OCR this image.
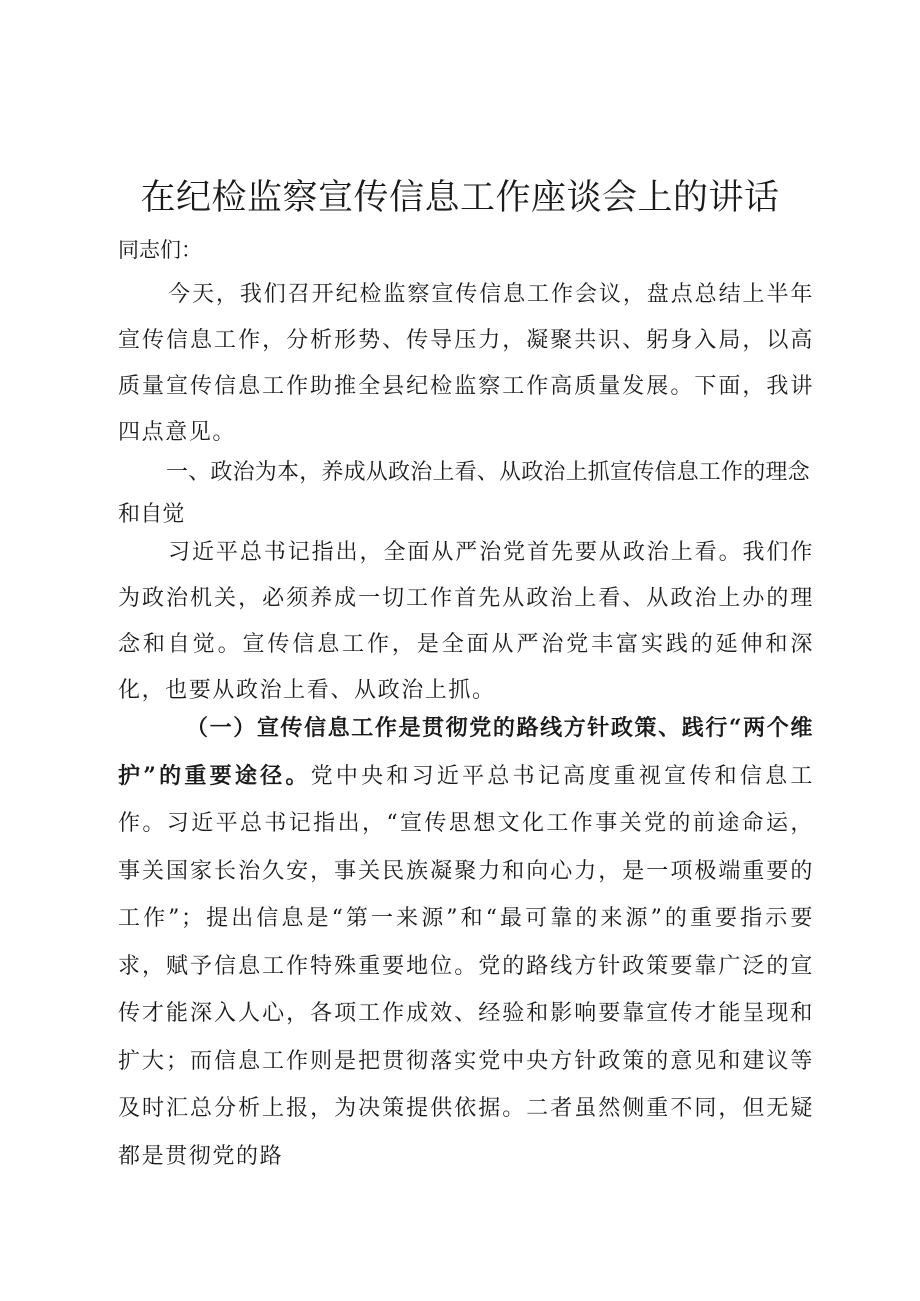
在纪检监察宣传信息工作座谈会上的讲话

同志们：

今天，我们召开纪检监察宣传信息工作会议，盘点总结上半年宣传信息工作，分析形势、传导压力，凝聚共识、躬身入局，以高质量宣传信息工作助推全县纪检监察工作高质量发展。下面，我讲四点意见。

一、政治为本，养成从政治上看、从政治上抓宣传信息工作的理念和自觉

习近平总书记指出，全面从严治党首先要从政治上看。我们作为政治机关，必须养成一切工作首先从政治上看、从政治上办的理念和自觉。宣传信息工作，是全面从严治党丰富实践的延伸和深化，也要从政治上看、从政治上抓。

（一）宣传信息工作是贯彻党的路线方针政策、践行“两个维护”的重要途径。党中央和习近平总书记高度重视宣传和信息工作。习近平总书记指出，“宣传思想文化工作事关党的前途命运，事关国家长治久安，事关民族凝聚力和向心力，是一项极端重要的工作”；提出信息是“第一来源”和“最可靠的来源”的重要指示要求，赋予信息工作特殊重要地位。党的路线方针政策要靠广泛的宣传才能深入人心，各项工作成效、经验和影响要靠宣传才能呈现和扩大；而信息工作则是把贯彻落实党中央方针政策的意见和建议等及时汇总分析上报，为决策提供依据。二者虽然侧重不同，但无疑都是贯彻党的路
